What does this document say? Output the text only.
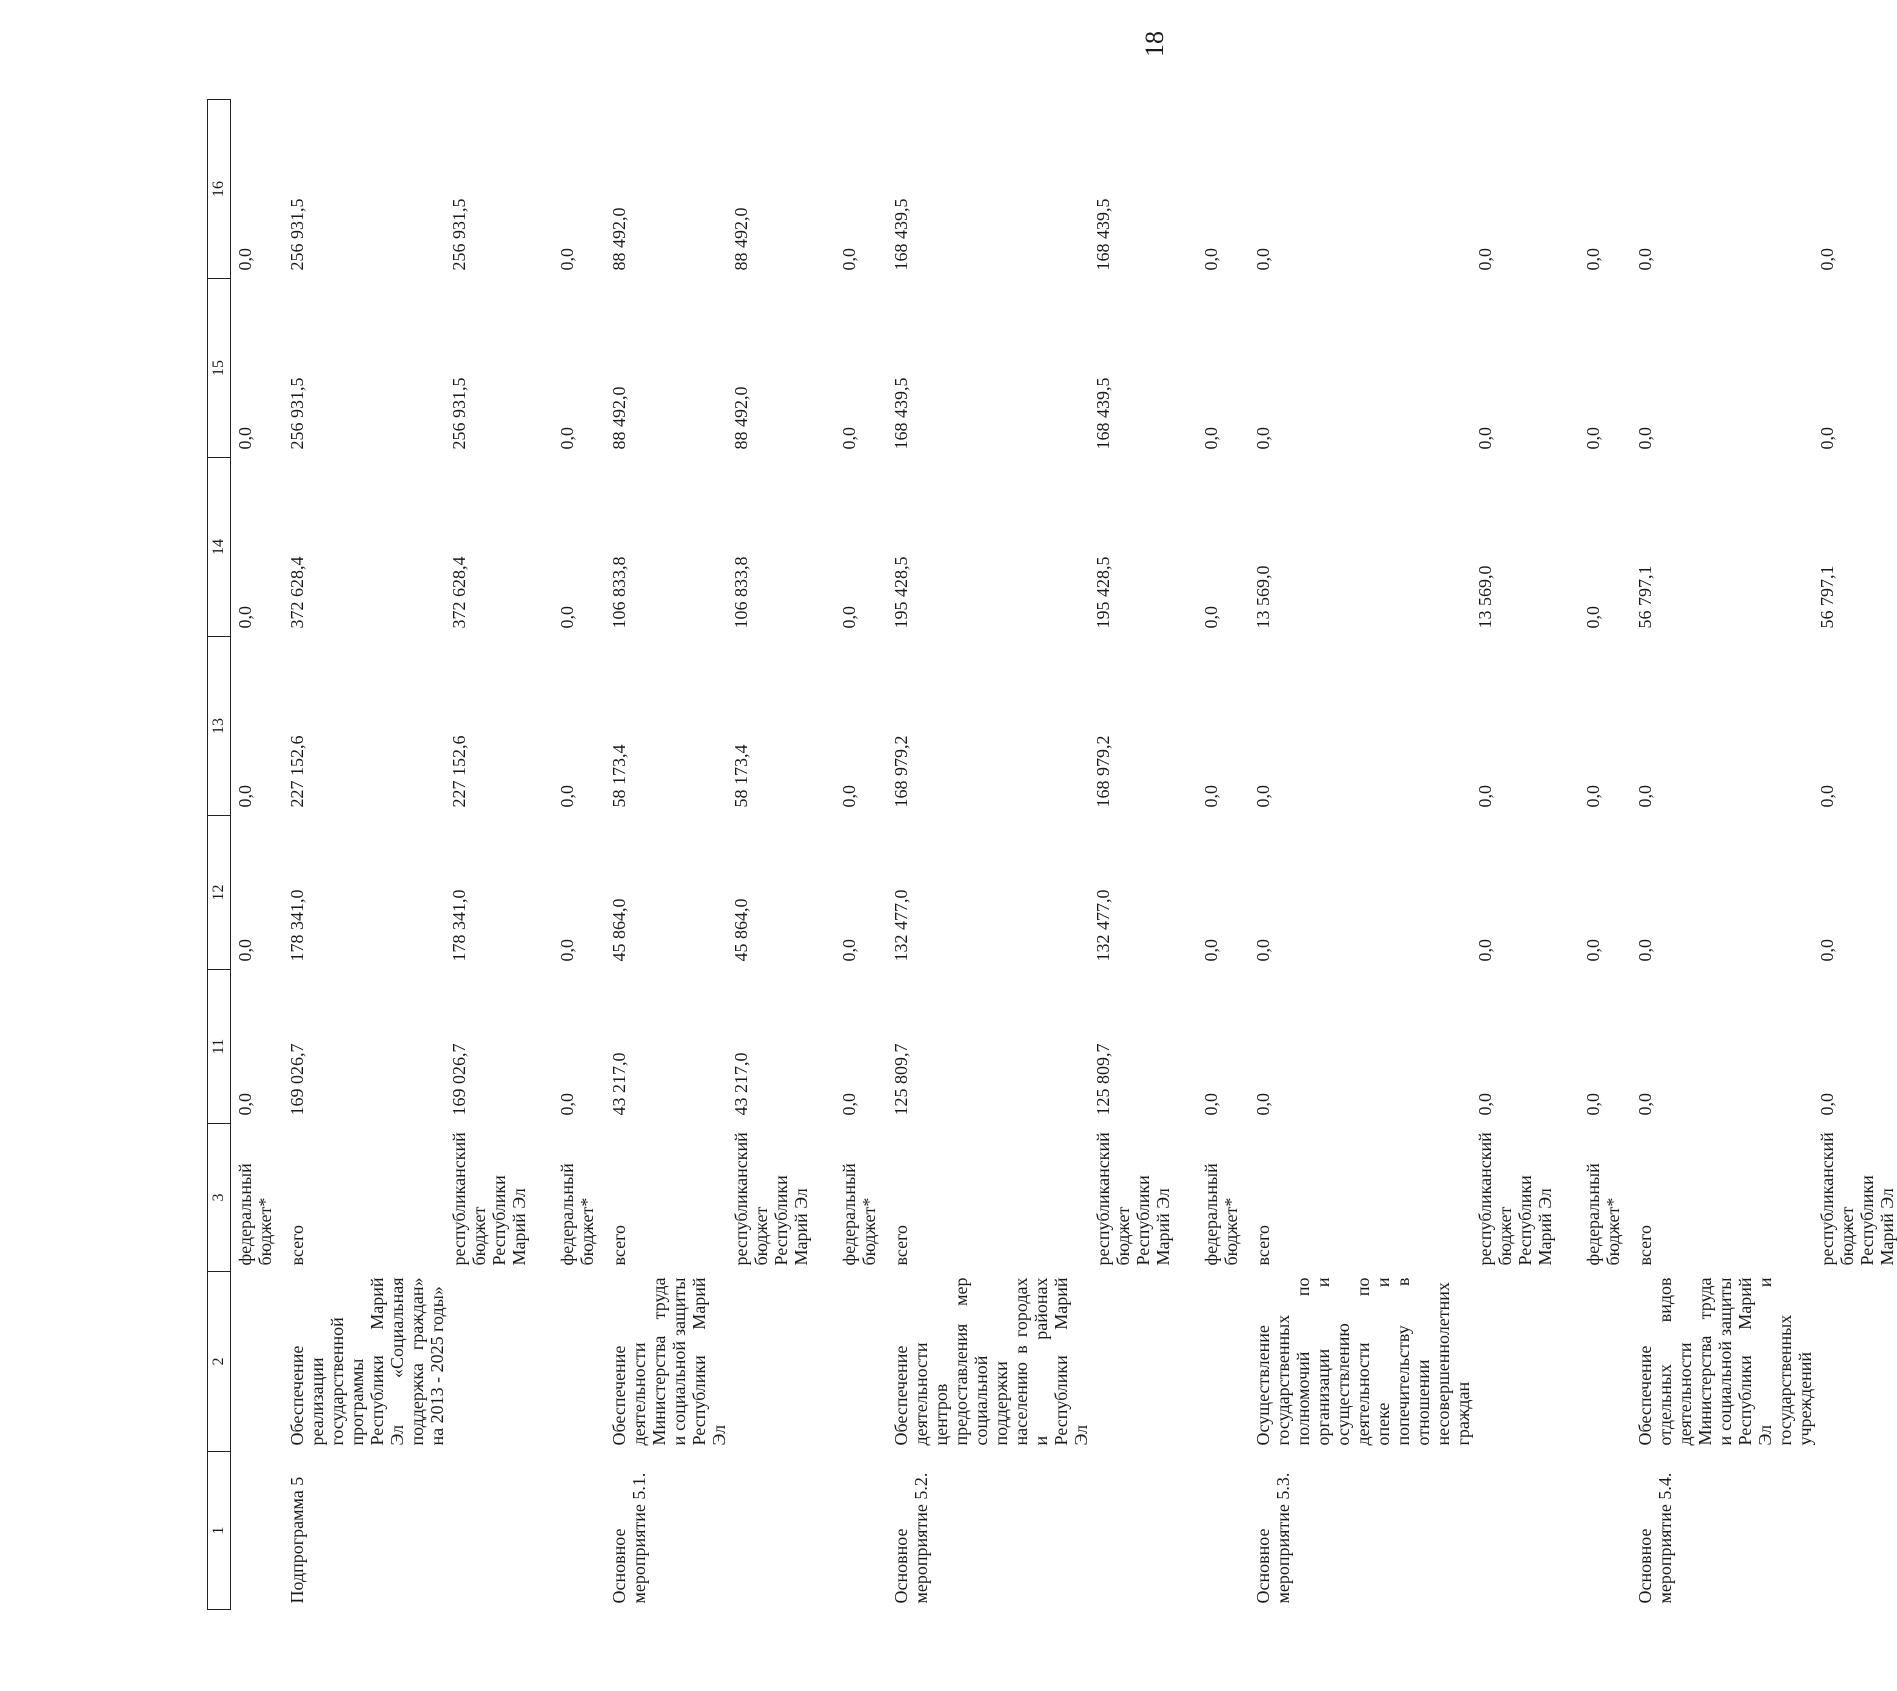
18
1	2	3	11	12	13	14	15	16
		федеральный бюджет*	0,0	0,0	0,0	0,0	0,0	0,0
Подпрограмма 5	Обеспечение реализации государственной программы Республики Марий Эл «Социальная поддержка граждан» на 2013 - 2025 годы»	всего	169 026,7	178 341,0	227 152,6	372 628,4	256 931,5	256 931,5
		республиканский бюджет Республики Марий Эл	169 026,7	178 341,0	227 152,6	372 628,4	256 931,5	256 931,5
		федеральный бюджет*	0,0	0,0	0,0	0,0	0,0	0,0
Основное мероприятие 5.1.	Обеспечение деятельности Министерства труда и социальной защиты Республики Марий Эл	всего	43 217,0	45 864,0	58 173,4	106 833,8	88 492,0	88 492,0
		республиканский бюджет Республики Марий Эл	43 217,0	45 864,0	58 173,4	106 833,8	88 492,0	88 492,0
		федеральный бюджет*	0,0	0,0	0,0	0,0	0,0	0,0
Основное мероприятие 5.2.	Обеспечение деятельности центров предоставления мер социальной поддержки населению в городах и районах Республики Марий Эл	всего	125 809,7	132 477,0	168 979,2	195 428,5	168 439,5	168 439,5
		республиканский бюджет Республики Марий Эл	125 809,7	132 477,0	168 979,2	195 428,5	168 439,5	168 439,5
		федеральный бюджет*	0,0	0,0	0,0	0,0	0,0	0,0
Основное мероприятие 5.3.	Осуществление государственных полномочий по организации и осуществлению деятельности по опеке и попечительству в отношении несовершеннолетних граждан	всего	0,0	0,0	0,0	13 569,0	0,0	0,0
		республиканский бюджет Республики Марий Эл	0,0	0,0	0,0	13 569,0	0,0	0,0
		федеральный бюджет*	0,0	0,0	0,0	0,0	0,0	0,0
Основное мероприятие 5.4.	Обеспечение отдельных видов деятельности Министерства труда и социальной защиты Республики Марий Эл и государственных учреждений	всего	0,0	0,0	0,0	56 797,1	0,0	0,0
		республиканский бюджет Республики Марий Эл	0,0	0,0	0,0	56 797,1	0,0	0,0
